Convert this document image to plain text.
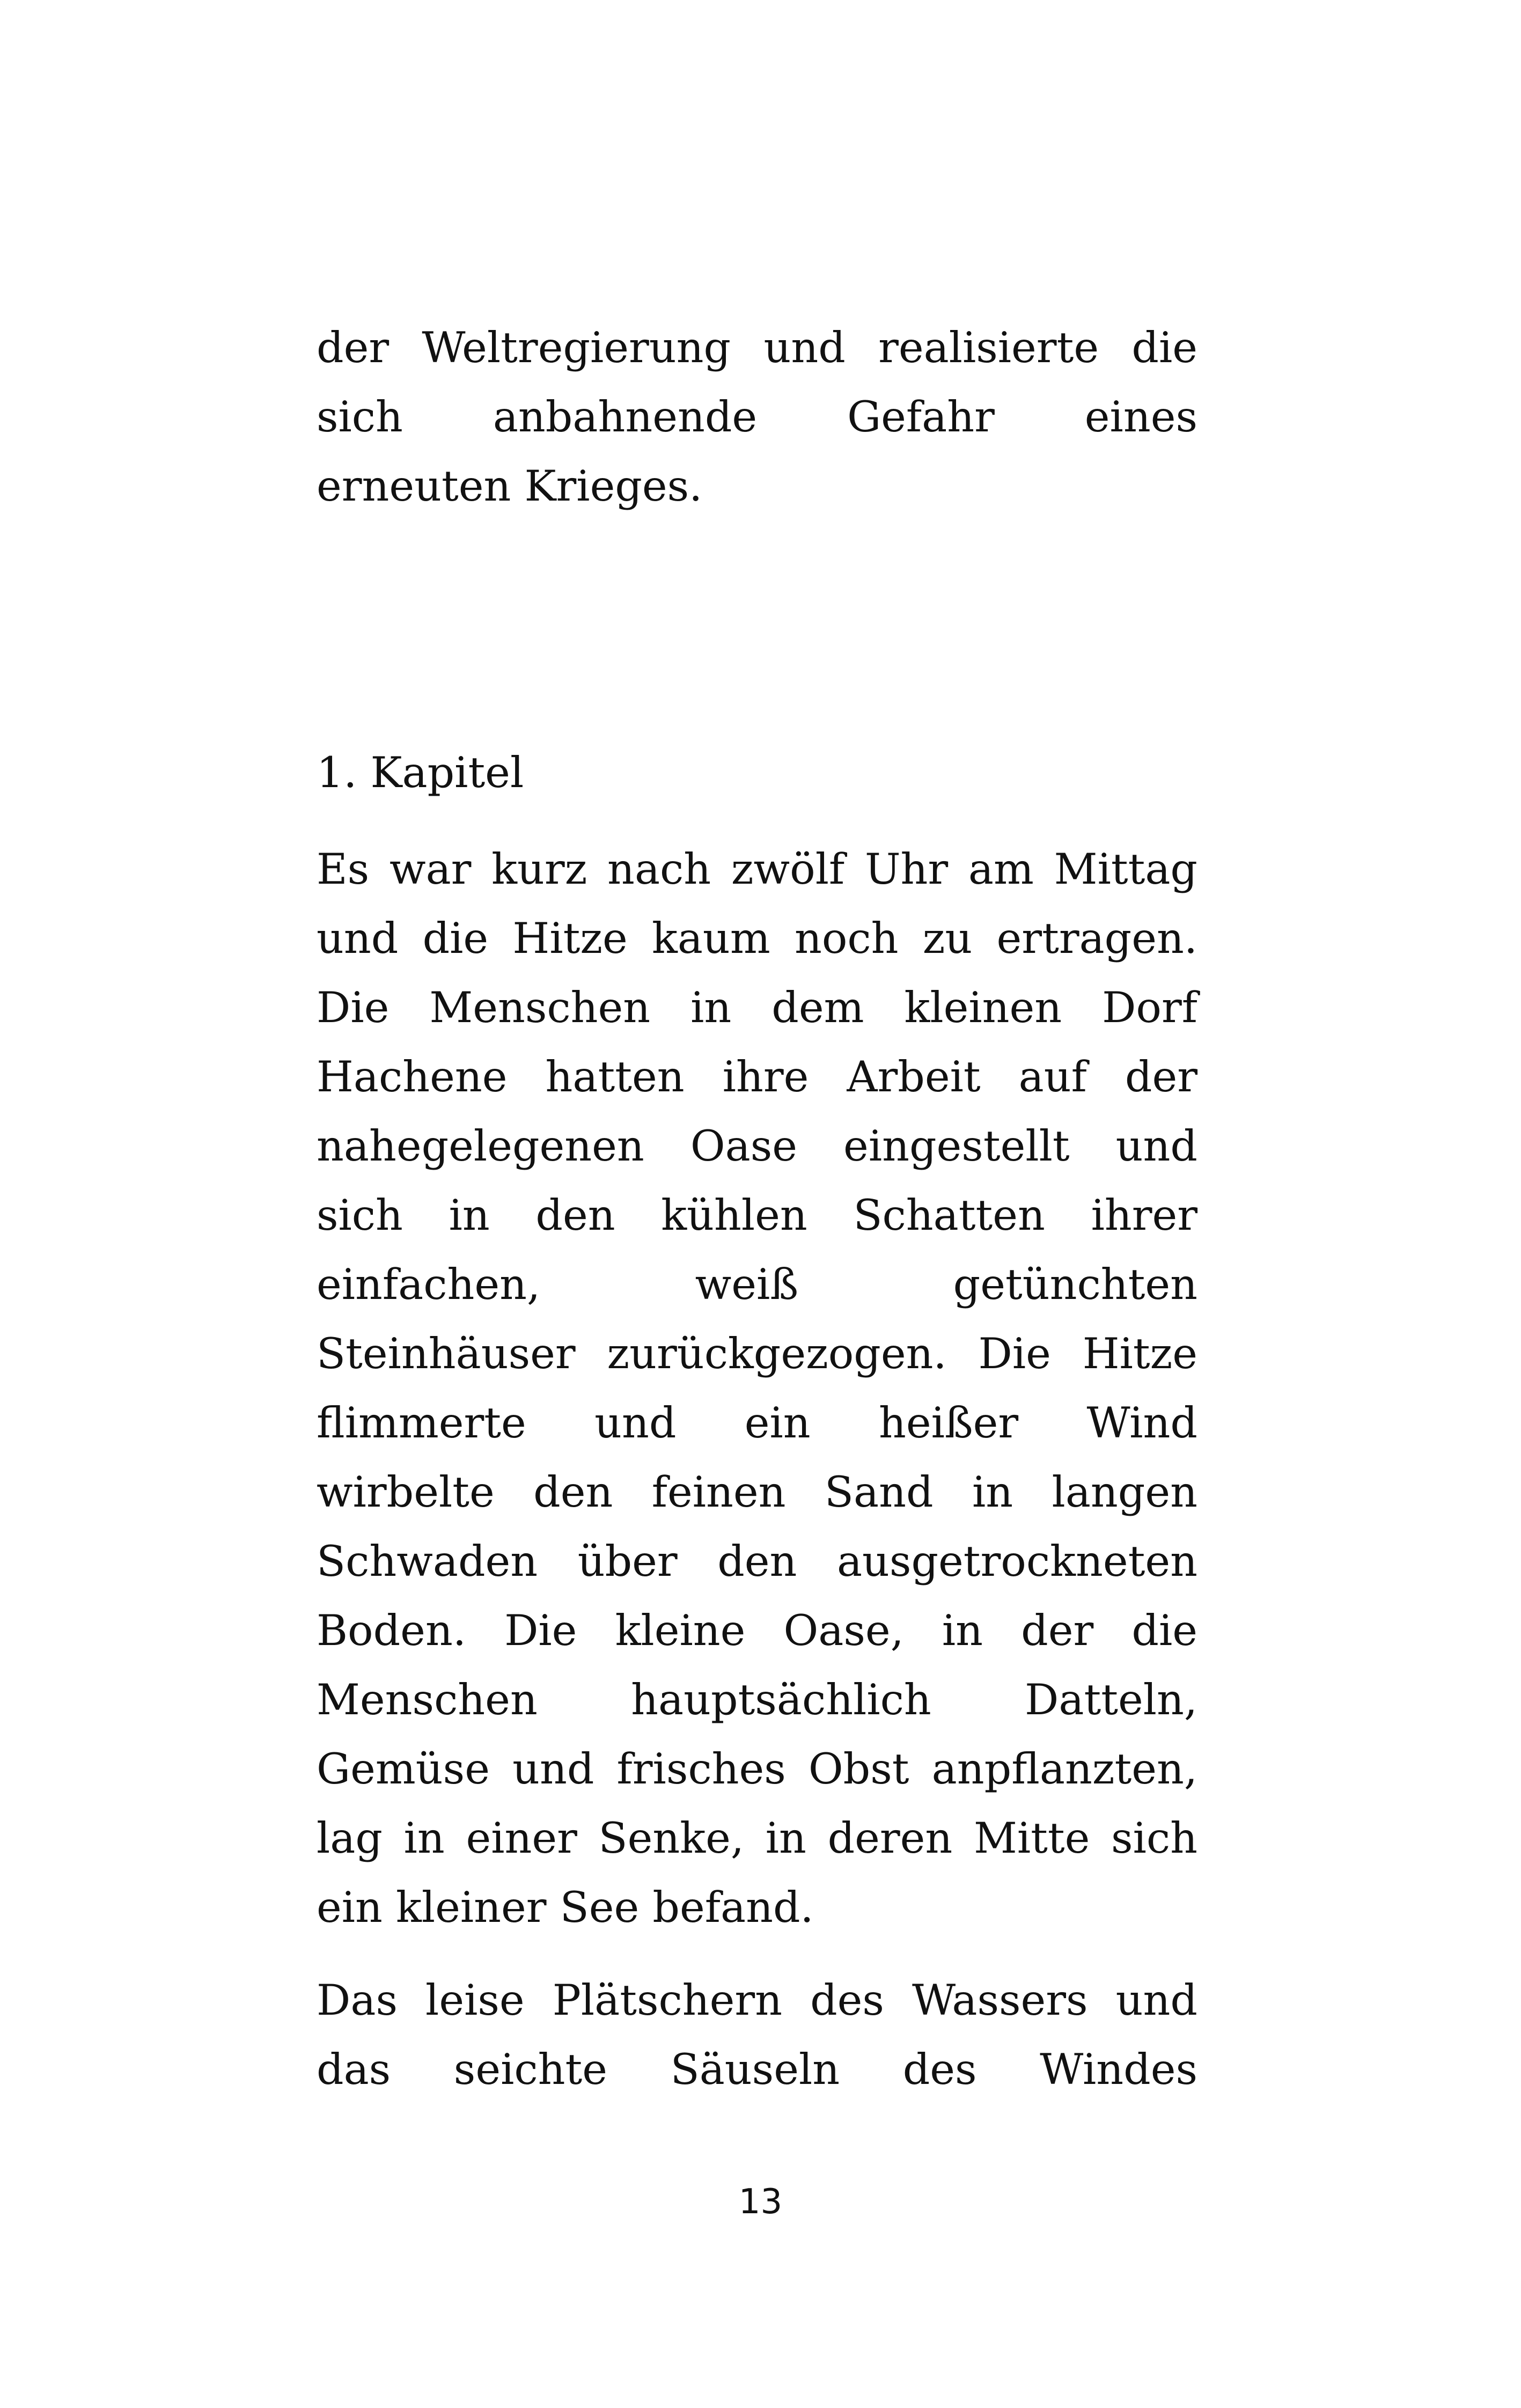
der Weltregierung und realisierte die
sich anbahnende Gefahr eines
erneuten Krieges.
1. Kapitel
Es war kurz nach zwölf Uhr am Mittag
und die Hitze kaum noch zu ertragen.
Die Menschen in dem kleinen Dorf
Hachene hatten ihre Arbeit auf der
nahegelegenen Oase eingestellt und
sich in den kühlen Schatten ihrer
einfachen, weiß getünchten
Steinhäuser zurückgezogen. Die Hitze
flimmerte und ein heißer Wind
wirbelte den feinen Sand in langen
Schwaden über den ausgetrockneten
Boden. Die kleine Oase, in der die
Menschen hauptsächlich Datteln,
Gemüse und frisches Obst anpflanzten,
lag in einer Senke, in deren Mitte sich
ein kleiner See befand.
Das leise Plätschern des Wassers und
das seichte Säuseln des Windes
13
